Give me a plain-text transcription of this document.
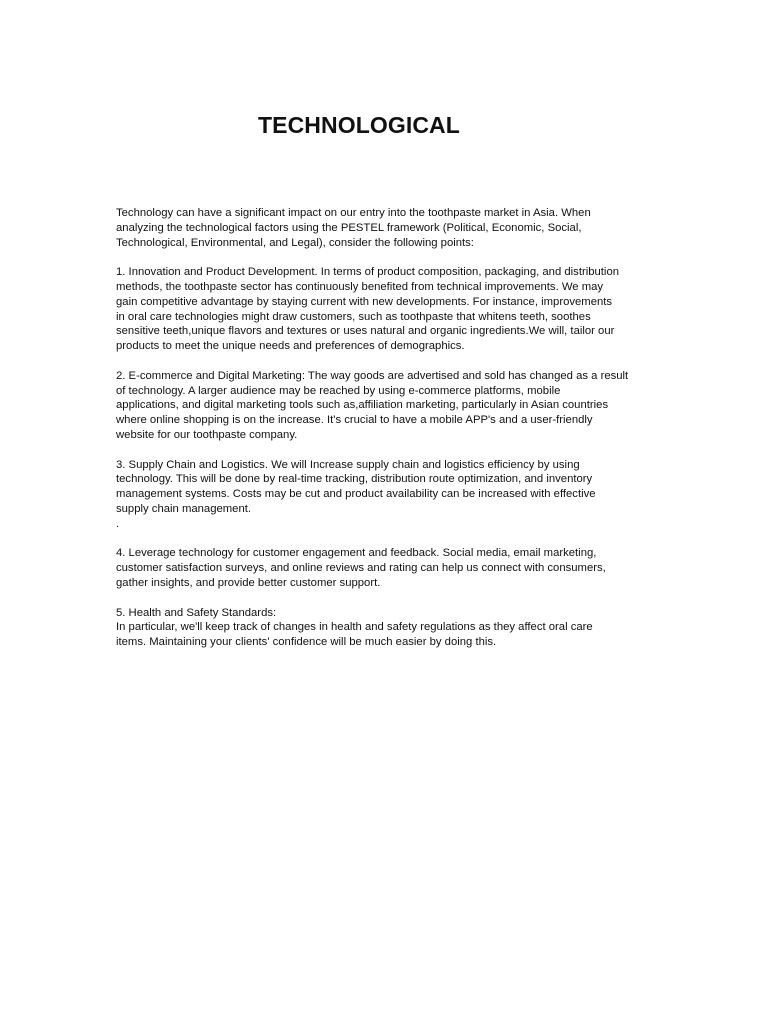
TECHNOLOGICAL

Technology can have a significant impact on our entry into the toothpaste market in Asia. When
analyzing the technological factors using the PESTEL framework (Political, Economic, Social,
Technological, Environmental, and Legal), consider the following points:

1. Innovation and Product Development. In terms of product composition, packaging, and distribution
methods, the toothpaste sector has continuously benefited from technical improvements. We may
gain competitive advantage by staying current with new developments. For instance, improvements
in oral care technologies might draw customers, such as toothpaste that whitens teeth, soothes
sensitive teeth,unique flavors and textures or uses natural and organic ingredients.We will, tailor our
products to meet the unique needs and preferences of demographics.

2. E-commerce and Digital Marketing: The way goods are advertised and sold has changed as a result
of technology. A larger audience may be reached by using e-commerce platforms, mobile
applications, and digital marketing tools such as,affiliation marketing, particularly in Asian countries
where online shopping is on the increase. It's crucial to have a mobile APP's and a user-friendly
website for our toothpaste company.

3. Supply Chain and Logistics. We will Increase supply chain and logistics efficiency by using
technology. This will be done by real-time tracking, distribution route optimization, and inventory
management systems. Costs may be cut and product availability can be increased with effective
supply chain management.
.

4. Leverage technology for customer engagement and feedback. Social media, email marketing,
customer satisfaction surveys, and online reviews and rating can help us connect with consumers,
gather insights, and provide better customer support.

5. Health and Safety Standards:
In particular, we'll keep track of changes in health and safety regulations as they affect oral care
items. Maintaining your clients' confidence will be much easier by doing this.
